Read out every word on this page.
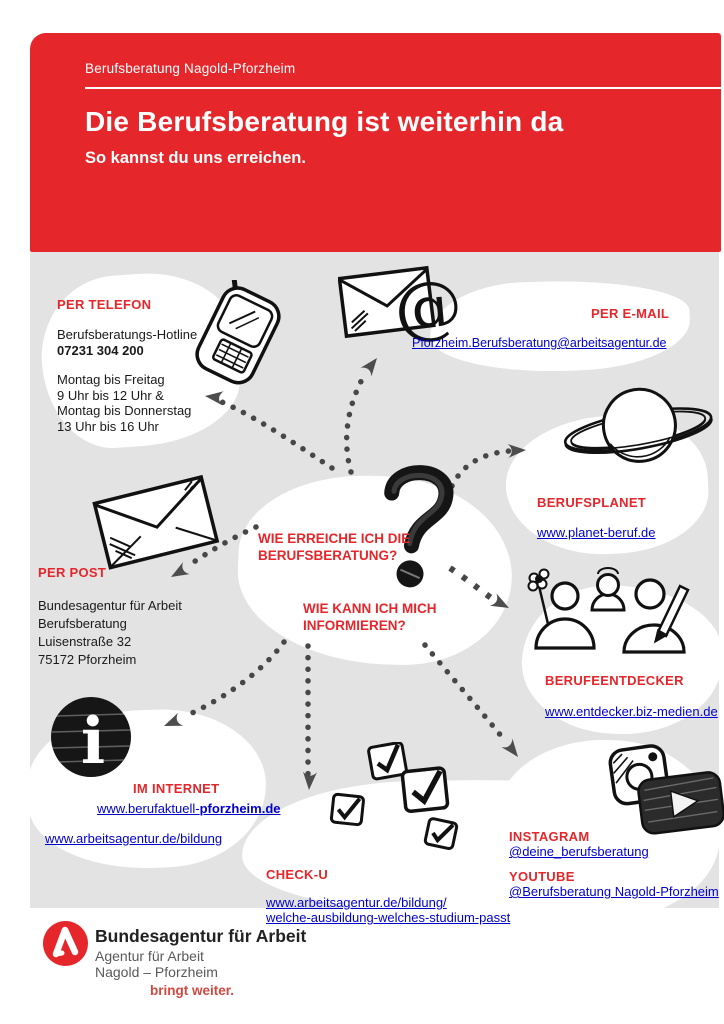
Berufsberatung Nagold-Pforzheim
Die Berufsberatung ist weiterhin da
So kannst du uns erreichen.
@
i
PER TELEFON
Berufsberatungs-Hotline
07231 304 200
Montag bis Freitag
9 Uhr bis 12 Uhr &
Montag bis Donnerstag
13 Uhr bis 16 Uhr
PER E-MAIL
Pforzheim.Berufsberatung@arbeitsagentur.de
BERUFSPLANET
www.planet-beruf.de
WIE ERREICHE ICH DIE
BERUFSBERATUNG?
WIE KANN ICH MICH
INFORMIEREN?
PER POST
Bundesagentur für Arbeit
Berufsberatung
Luisenstraße 32
75172 Pforzheim
BERUFEENTDECKER
www.entdecker.biz-medien.de
IM INTERNET
www.berufaktuell-pforzheim.de
www.arbeitsagentur.de/bildung
CHECK-U
www.arbeitsagentur.de/bildung/
welche-ausbildung-welches-studium-passt
INSTAGRAM
@deine_berufsberatung
YOUTUBE
@Berufsberatung Nagold-Pforzheim
Bundesagentur für Arbeit
Agentur für Arbeit
Nagold – Pforzheim
bringt weiter.
